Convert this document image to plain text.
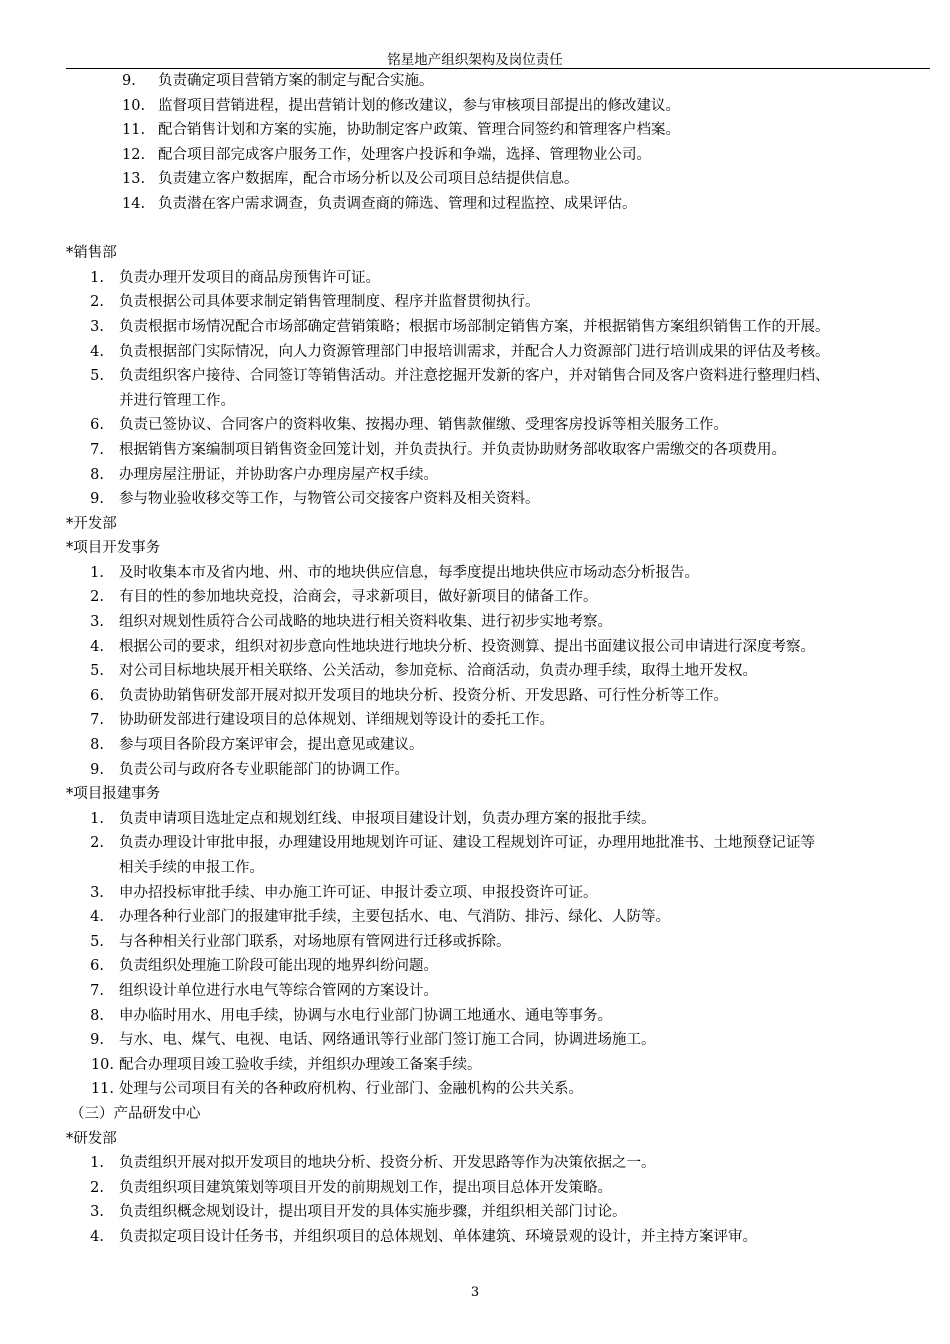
铭星地产组织架构及岗位责任
9. 负责确定项目营销方案的制定与配合实施。
10. 监督项目营销进程，提出营销计划的修改建议，参与审核项目部提出的修改建议。
11. 配合销售计划和方案的实施，协助制定客户政策、管理合同签约和管理客户档案。
12. 配合项目部完成客户服务工作，处理客户投诉和争端，选择、管理物业公司。
13. 负责建立客户数据库，配合市场分析以及公司项目总结提供信息。
14. 负责潜在客户需求调查，负责调查商的筛选、管理和过程监控、成果评估。
*销售部
1. 负责办理开发项目的商品房预售许可证。
2. 负责根据公司具体要求制定销售管理制度、程序并监督贯彻执行。
3. 负责根据市场情况配合市场部确定营销策略；根据市场部制定销售方案，并根据销售方案组织销售工作的开展。
4. 负责根据部门实际情况，向人力资源管理部门申报培训需求，并配合人力资源部门进行培训成果的评估及考核。
5. 负责组织客户接待、合同签订等销售活动。并注意挖掘开发新的客户，并对销售合同及客户资料进行整理归档、
并进行管理工作。
6. 负责已签协议、合同客户的资料收集、按揭办理、销售款催缴、受理客房投诉等相关服务工作。
7. 根据销售方案编制项目销售资金回笼计划，并负责执行。并负责协助财务部收取客户需缴交的各项费用。
8. 办理房屋注册证，并协助客户办理房屋产权手续。
9. 参与物业验收移交等工作，与物管公司交接客户资料及相关资料。
*开发部
*项目开发事务
1. 及时收集本市及省内地、州、市的地块供应信息，每季度提出地块供应市场动态分析报告。
2. 有目的性的参加地块竞投，洽商会，寻求新项目，做好新项目的储备工作。
3. 组织对规划性质符合公司战略的地块进行相关资料收集、进行初步实地考察。
4. 根据公司的要求，组织对初步意向性地块进行地块分析、投资测算、提出书面建议报公司申请进行深度考察。
5. 对公司目标地块展开相关联络、公关活动，参加竞标、洽商活动，负责办理手续，取得土地开发权。
6. 负责协助销售研发部开展对拟开发项目的地块分析、投资分析、开发思路、可行性分析等工作。
7. 协助研发部进行建设项目的总体规划、详细规划等设计的委托工作。
8. 参与项目各阶段方案评审会，提出意见或建议。
9. 负责公司与政府各专业职能部门的协调工作。
*项目报建事务
1. 负责申请项目选址定点和规划红线、申报项目建设计划，负责办理方案的报批手续。
2. 负责办理设计审批申报，办理建设用地规划许可证、建设工程规划许可证，办理用地批准书、土地预登记证等
相关手续的申报工作。
3. 申办招投标审批手续、申办施工许可证、申报计委立项、申报投资许可证。
4. 办理各种行业部门的报建审批手续，主要包括水、电、气消防、排污、绿化、人防等。
5. 与各种相关行业部门联系，对场地原有管网进行迁移或拆除。
6. 负责组织处理施工阶段可能出现的地界纠纷问题。
7. 组织设计单位进行水电气等综合管网的方案设计。
8. 申办临时用水、用电手续，协调与水电行业部门协调工地通水、通电等事务。
9. 与水、电、煤气、电视、电话、网络通讯等行业部门签订施工合同，协调进场施工。
10. 配合办理项目竣工验收手续，并组织办理竣工备案手续。
11. 处理与公司项目有关的各种政府机构、行业部门、金融机构的公共关系。
（三）产品研发中心
*研发部
1. 负责组织开展对拟开发项目的地块分析、投资分析、开发思路等作为决策依据之一。
2. 负责组织项目建筑策划等项目开发的前期规划工作，提出项目总体开发策略。
3. 负责组织概念规划设计，提出项目开发的具体实施步骤，并组织相关部门讨论。
4. 负责拟定项目设计任务书，并组织项目的总体规划、单体建筑、环境景观的设计，并主持方案评审。
3
